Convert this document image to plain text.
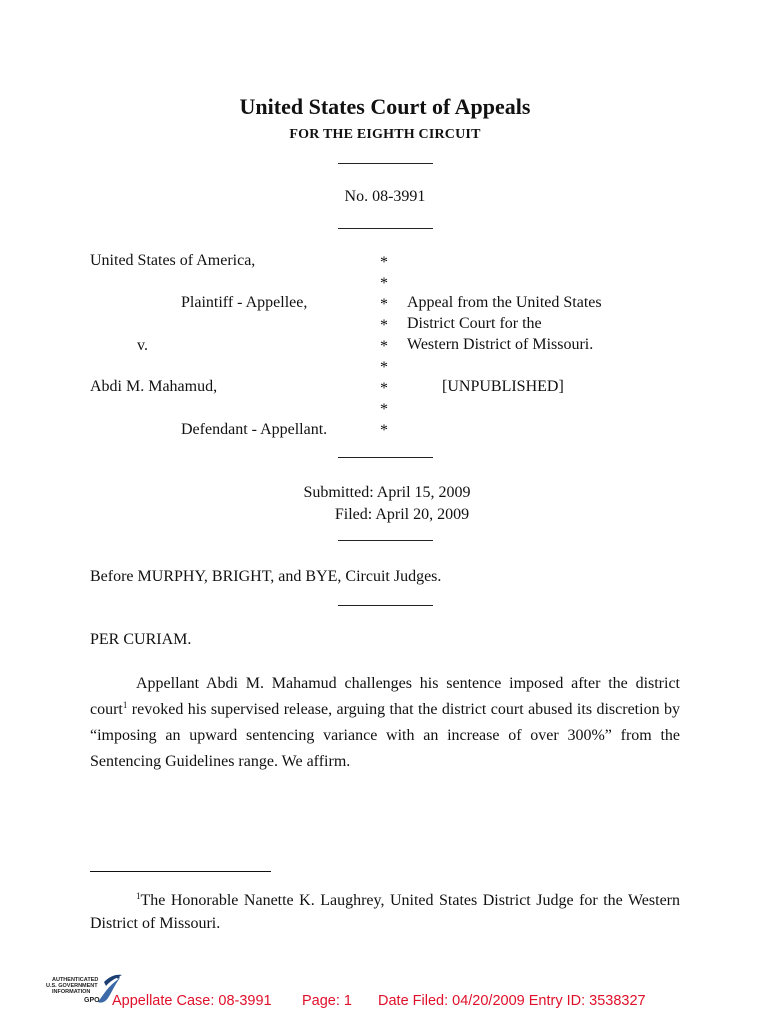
United States Court of Appeals
FOR THE EIGHTH CIRCUIT
No. 08-3991
United States of America,
Plaintiff - Appellee,
v.
Abdi M. Mahamud,
Defendant - Appellant.
*
*
*
*
*
*
*
*
*
Appeal from the United States
District Court for the
Western District of Missouri.
[UNPUBLISHED]
Submitted: April 15, 2009
Filed: April 20, 2009
Before MURPHY, BRIGHT, and BYE, Circuit Judges.
PER CURIAM.
Appellant Abdi M. Mahamud challenges his sentence imposed after the district court$^1$ revoked his supervised release, arguing that the district court abused its discretion by “imposing an upward sentencing variance with an increase of over 300%” from the Sentencing Guidelines range. We affirm.
$^1$The Honorable Nanette K. Laughrey, United States District Judge for the Western District of Missouri.
AUTHENTICATED
U.S. GOVERNMENT
INFORMATION
GPO Appellate Case: 08-3991 Page: 1 Date Filed: 04/20/2009 Entry ID: 3538327
